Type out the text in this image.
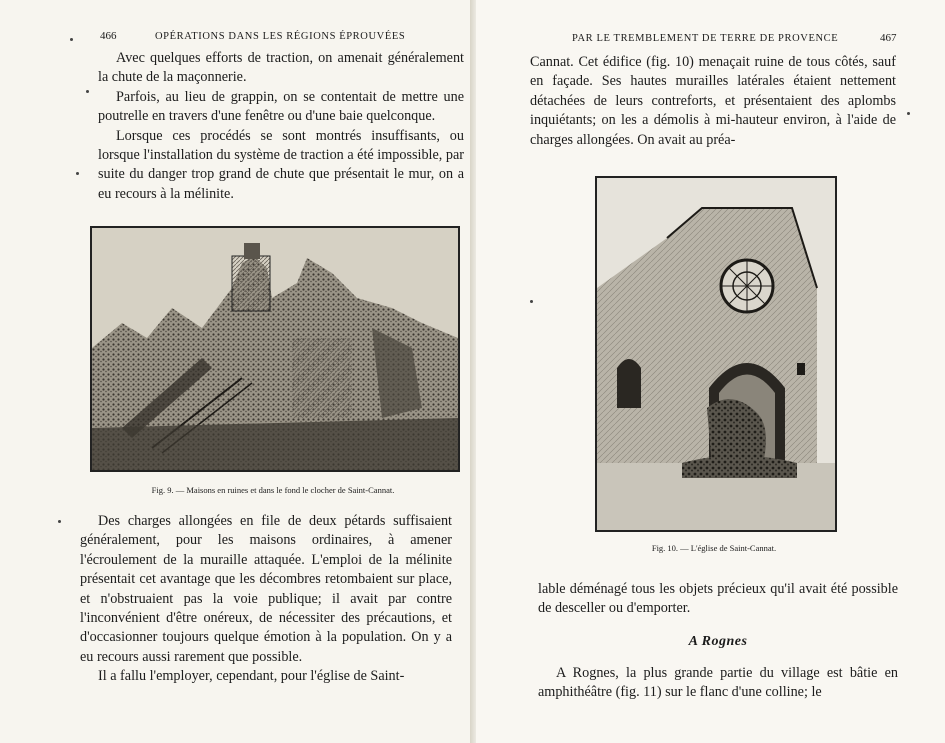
466	OPÉRATIONS DANS LES RÉGIONS ÉPROUVÉES

Avec quelques efforts de traction, on amenait généralement la chute de la maçonnerie.

Parfois, au lieu de grappin, on se contentait de mettre une poutrelle en travers d'une fenêtre ou d'une baie quelconque.

Lorsque ces procédés se sont montrés insuffisants, ou lorsque l'installation du système de traction a été impossible, par suite du danger trop grand de chute que présentait le mur, on a eu recours à la mélinite.

Fig. 9. — Maisons en ruines et dans le fond le clocher de Saint-Cannat.

Des charges allongées en file de deux pétards suffisaient généralement, pour les maisons ordinaires, à amener l'écroulement de la muraille attaquée. L'emploi de la mélinite présentait cet avantage que les décombres retombaient sur place, et n'obstruaient pas la voie publique; il avait par contre l'inconvénient d'être onéreux, de nécessiter des précautions, et d'occasionner toujours quelque émotion à la population. On y a eu recours aussi rarement que possible.

Il a fallu l'employer, cependant, pour l'église de Saint-

PAR LE TREMBLEMENT DE TERRE DE PROVENCE	467

Cannat. Cet édifice (fig. 10) menaçait ruine de tous côtés, sauf en façade. Ses hautes murailles latérales étaient nettement détachées de leurs contreforts, et présentaient des aplombs inquiétants; on les a démolis à mi-hauteur environ, à l'aide de charges allongées. On avait au préa-

Fig. 10. — L'église de Saint-Cannat.

lable déménagé tous les objets précieux qu'il avait été possible de desceller ou d'emporter.

A Rognes

A Rognes, la plus grande partie du village est bâtie en amphithéâtre (fig. 11) sur le flanc d'une colline; le
